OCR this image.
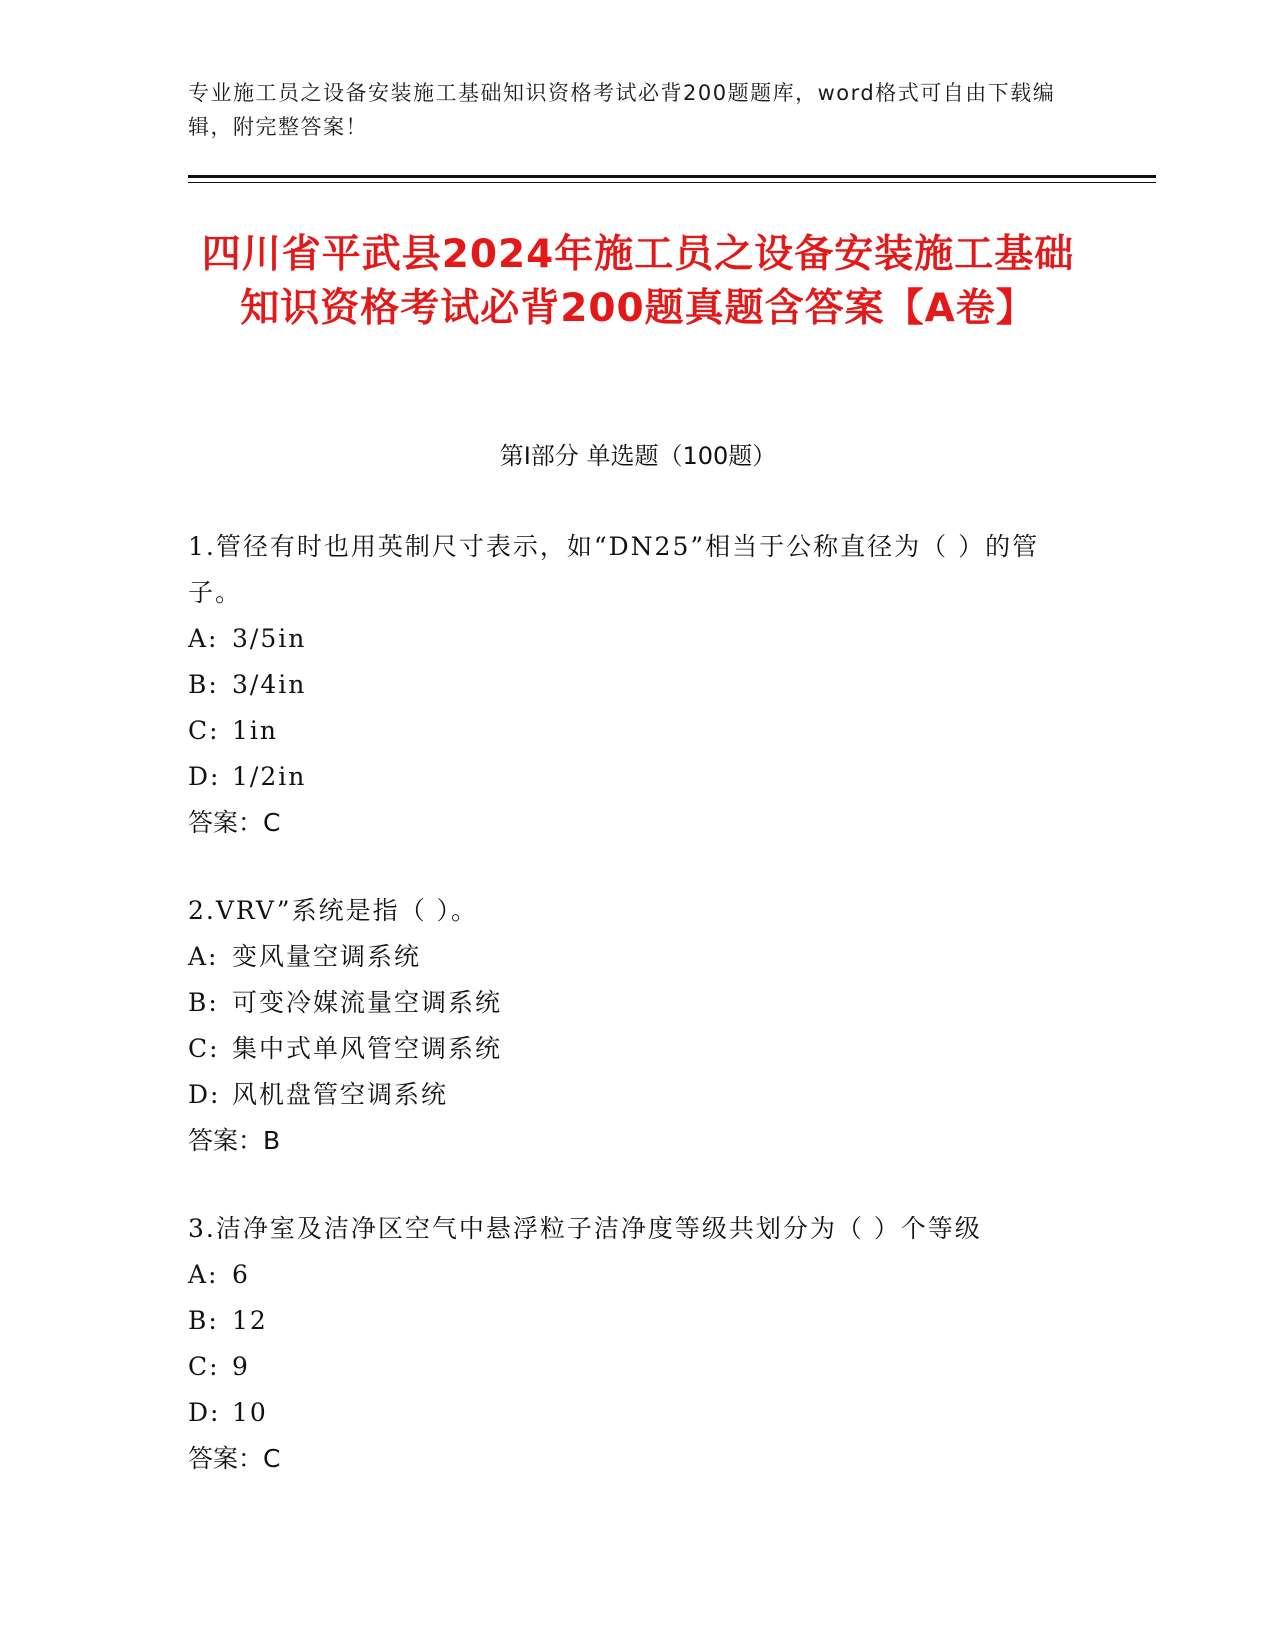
专业施工员之设备安装施工基础知识资格考试必背200题题库，word格式可自由下载编辑，附完整答案！
四川省平武县2024年施工员之设备安装施工基础知识资格考试必背200题真题含答案【A卷】
第Ⅰ部分 单选题（100题）

1.管径有时也用英制尺寸表示，如“DN25”相当于公称直径为（ ）的管子。

A: 3/5in

B: 3/4in

C: 1in

D: 1/2in

答案：C

2.VRV”系统是指（ ）。

A: 变风量空调系统

B: 可变冷媒流量空调系统

C: 集中式单风管空调系统

D: 风机盘管空调系统

答案：B

3.洁净室及洁净区空气中悬浮粒子洁净度等级共划分为（ ）个等级

A: 6

B: 12

C: 9

D: 10

答案：C
